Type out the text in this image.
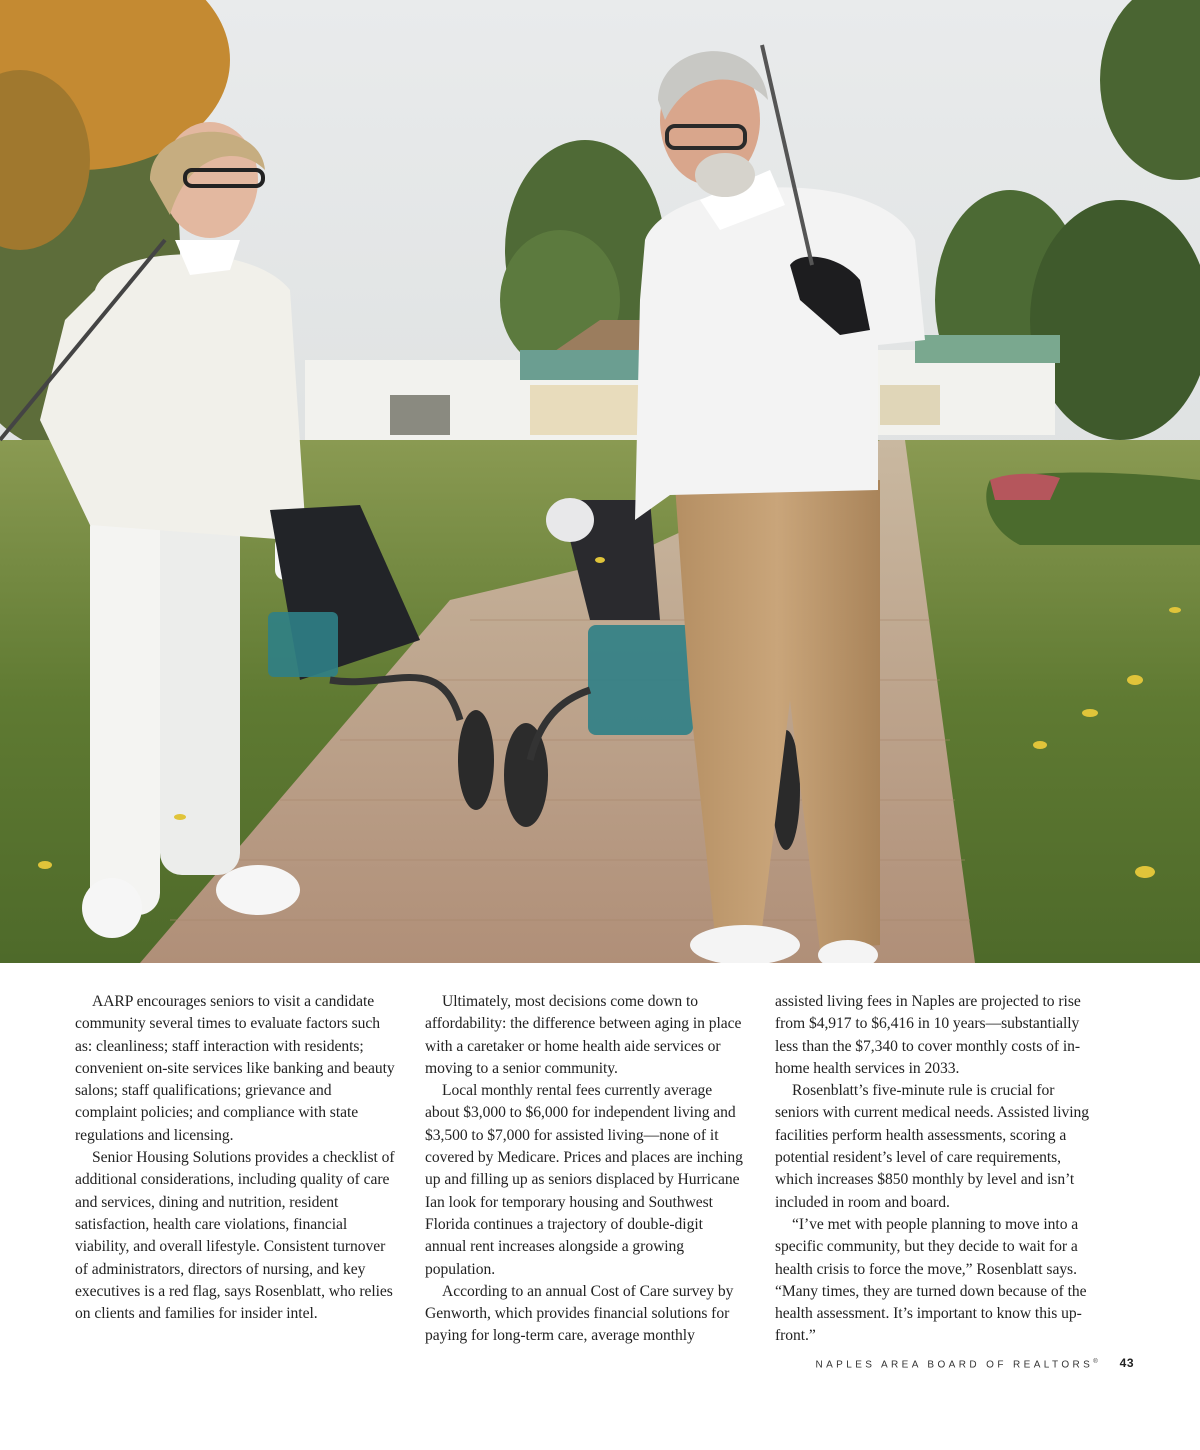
AARP encourages seniors to visit a candidate community several times to evaluate factors such as: cleanliness; staff interaction with residents; convenient on-site services like banking and beauty salons; staff qualifications; grievance and complaint policies; and compliance with state regulations and licensing.

Senior Housing Solutions provides a checklist of additional considerations, including quality of care and services, dining and nutrition, resident satisfaction, health care violations, financial viability, and overall lifestyle. Consistent turnover of administrators, directors of nursing, and key executives is a red flag, says Rosenblatt, who relies on clients and families for insider intel.

Ultimately, most decisions come down to affordability: the difference between aging in place with a caretaker or home health aide services or moving to a senior community.

Local monthly rental fees currently average about $3,000 to $6,000 for independent living and $3,500 to $7,000 for assisted living—none of it covered by Medicare. Prices and places are inching up and filling up as seniors displaced by Hurricane Ian look for temporary housing and Southwest Florida continues a trajectory of double-digit annual rent increases alongside a growing population.

According to an annual Cost of Care survey by Genworth, which provides financial solutions for paying for long-term care, average monthly

assisted living fees in Naples are projected to rise from $4,917 to $6,416 in 10 years—substantially less than the $7,340 to cover monthly costs of in-home health services in 2033.

Rosenblatt’s five-minute rule is crucial for seniors with current medical needs. Assisted living facilities perform health assessments, scoring a potential resident’s level of care requirements, which increases $850 monthly by level and isn’t included in room and board.

“I’ve met with people planning to move into a specific community, but they decide to wait for a health crisis to force the move,” Rosenblatt says. “Many times, they are turned down because of the health assessment. It’s important to know this up-front.”

NAPLES AREA BOARD OF REALTORS® 43
